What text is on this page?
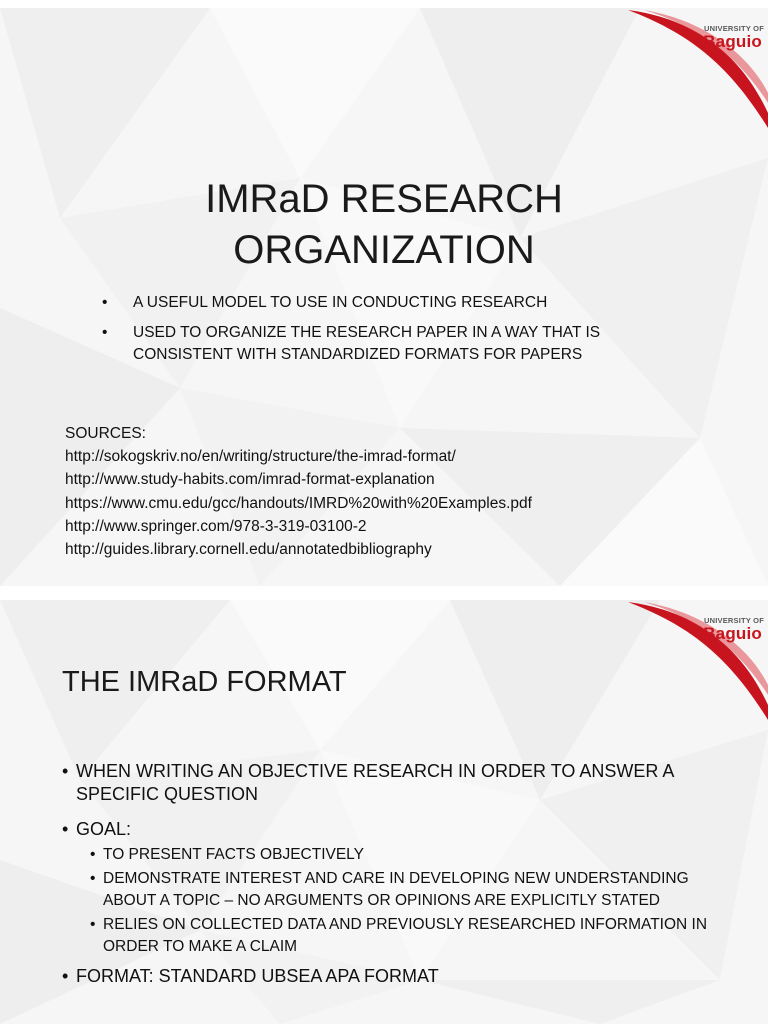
UNIVERSITY OF
Baguio
IMRaD RESEARCH
ORGANIZATION
• A USEFUL MODEL TO USE IN CONDUCTING RESEARCH
• USED TO ORGANIZE THE RESEARCH PAPER IN A WAY THAT IS CONSISTENT WITH STANDARDIZED FORMATS FOR PAPERS
SOURCES:
http://sokogskriv.no/en/writing/structure/the-imrad-format/
http://www.study-habits.com/imrad-format-explanation
https://www.cmu.edu/gcc/handouts/IMRD%20with%20Examples.pdf
http://www.springer.com/978-3-319-03100-2
http://guides.library.cornell.edu/annotatedbibliography
UNIVERSITY OF
Baguio
THE IMRaD FORMAT
• WHEN WRITING AN OBJECTIVE RESEARCH IN ORDER TO ANSWER A SPECIFIC QUESTION
• GOAL:
• TO PRESENT FACTS OBJECTIVELY
• DEMONSTRATE INTEREST AND CARE IN DEVELOPING NEW UNDERSTANDING ABOUT A TOPIC – NO ARGUMENTS OR OPINIONS ARE EXPLICITLY STATED
• RELIES ON COLLECTED DATA AND PREVIOUSLY RESEARCHED INFORMATION IN ORDER TO MAKE A CLAIM
• FORMAT: STANDARD UBSEA APA FORMAT
